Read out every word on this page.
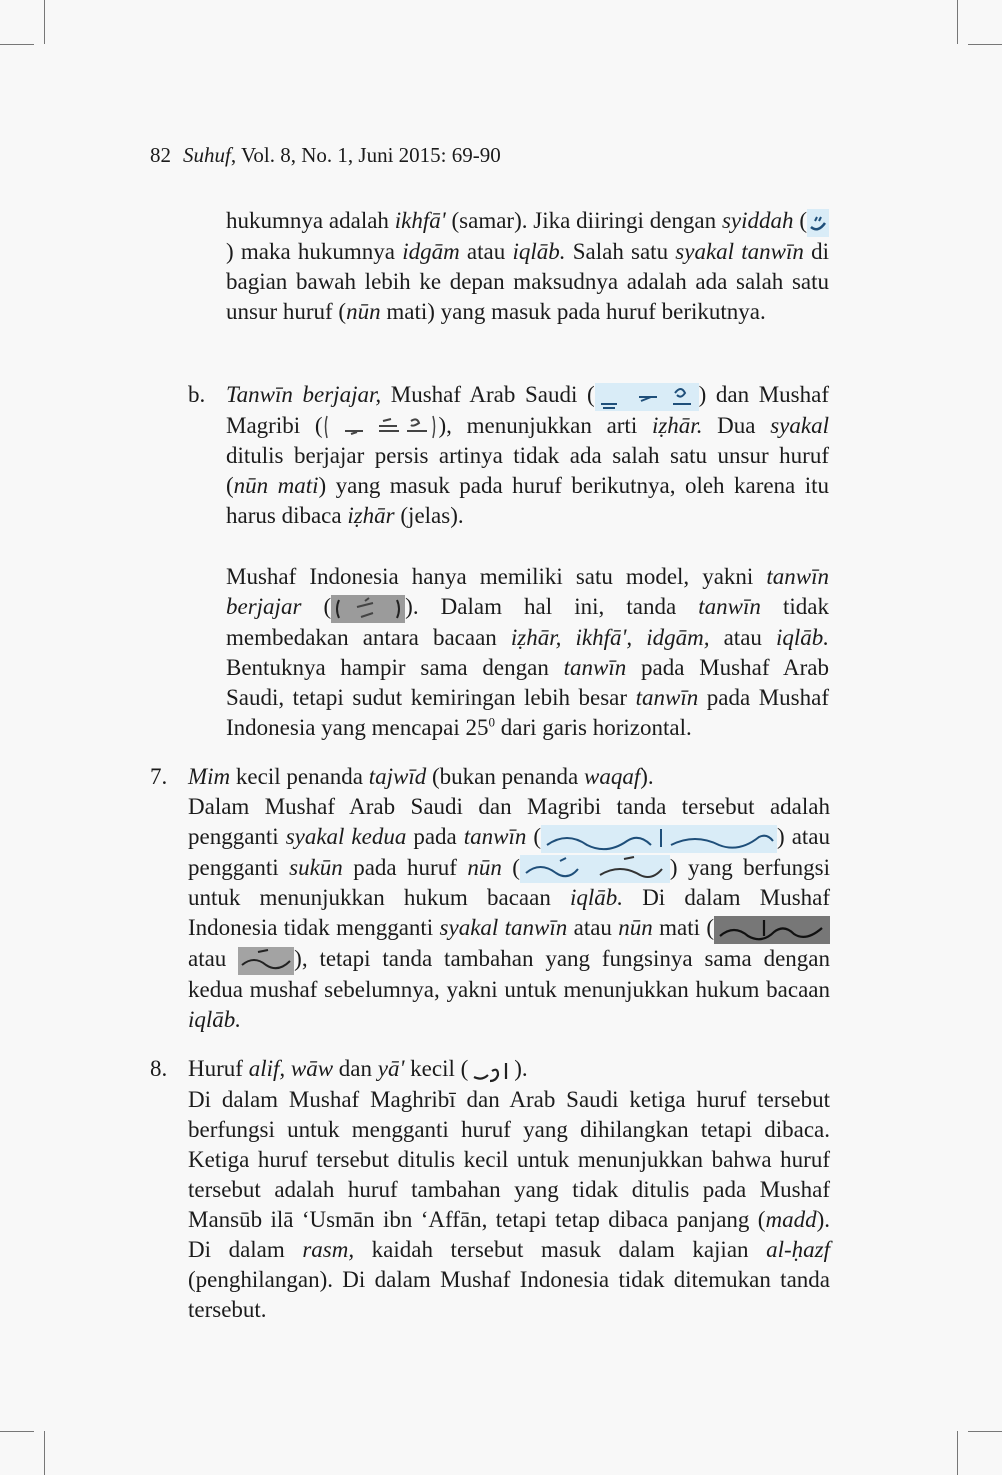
82 Suhuf, Vol. 8, No. 1, Juni 2015: 69-90

hukumnya adalah ikhfā' (samar). Jika diiringi dengan syiddah (
) maka hukumnya idgām atau iqlāb. Salah satu syakal tanwīn di bagian bawah lebih ke depan maksudnya adalah ada salah satu unsur huruf (nūn mati) yang masuk pada huruf berikutnya.

b. Tanwīn berjajar, Mushaf Arab Saudi (	) dan Mushaf Magribi (	), menunjukkan arti iẓhār. Dua syakal ditulis berjajar persis artinya tidak ada salah satu unsur huruf (nūn mati) yang masuk pada huruf berikutnya, oleh karena itu harus dibaca iẓhār (jelas).

Mushaf Indonesia hanya memiliki satu model, yakni tanwīn berjajar (	). Dalam hal ini, tanda tanwīn tidak membedakan antara bacaan iẓhār, ikhfā', idgām, atau iqlāb. Bentuknya hampir sama dengan tanwīn pada Mushaf Arab Saudi, tetapi sudut kemiringan lebih besar tanwīn pada Mushaf Indonesia yang mencapai $25^0$ dari garis horizontal.

7. Mim kecil penanda tajwīd (bukan penanda waqaf).
Dalam Mushaf Arab Saudi dan Magribi tanda tersebut adalah pengganti syakal kedua pada tanwīn (	) atau pengganti sukūn pada huruf nūn (	) yang berfungsi untuk menunjukkan hukum bacaan iqlāb. Di dalam Mushaf Indonesia tidak mengganti syakal tanwīn atau nūn mati (
atau
), tetapi tanda tambahan yang fungsinya sama dengan kedua mushaf sebelumnya, yakni untuk menunjukkan hukum bacaan iqlāb.
8. Huruf alif, wāw dan yā' kecil ( ).
Di dalam Mushaf Maghribī dan Arab Saudi ketiga huruf tersebut berfungsi untuk mengganti huruf yang dihilangkan tetapi dibaca. Ketiga huruf tersebut ditulis kecil untuk menunjukkan bahwa huruf tersebut adalah huruf tambahan yang tidak ditulis pada Mushaf Mansūb ilā ‘Usmān ibn ‘Affān, tetapi tetap dibaca panjang (madd). Di dalam rasm, kaidah tersebut masuk dalam kajian al-ḥazf (penghilangan). Di dalam Mushaf Indonesia tidak ditemukan tanda tersebut.
